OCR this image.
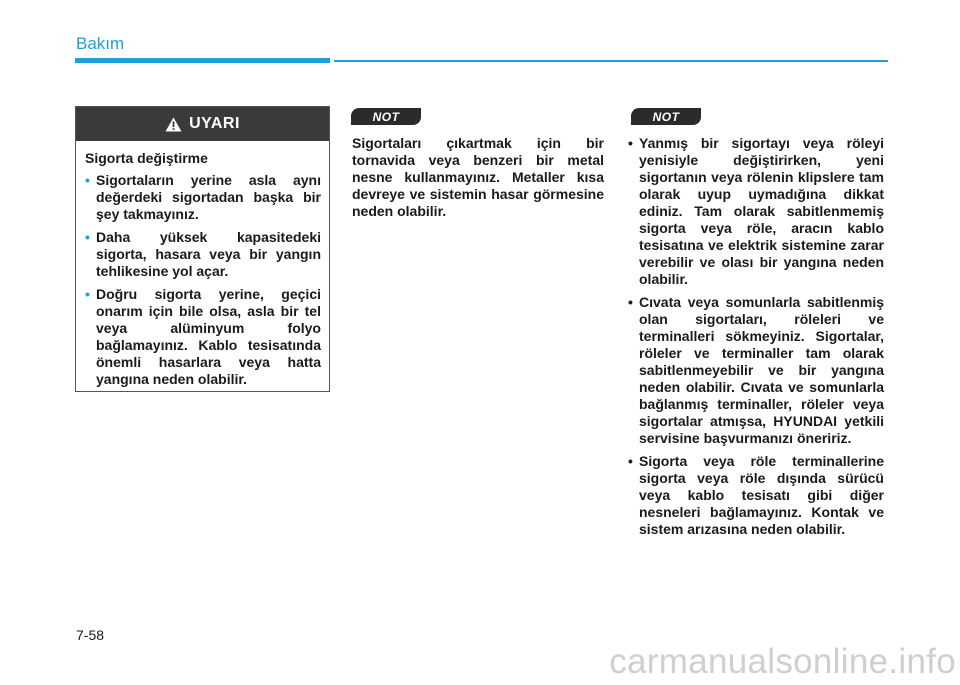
Bakım
UYARI
Sigorta değiştirme
• Sigortaların yerine asla aynı değerdeki sigortadan başka bir şey takmayınız.
• Daha yüksek kapasitedeki sigorta, hasara veya bir yangın tehlikesine yol açar.
• Doğru sigorta yerine, geçici onarım için bile olsa, asla bir tel veya alüminyum folyo bağlamayınız. Kablo tesisatında önemli hasarlara veya hatta yangına neden olabilir.
NOT
Sigortaları çıkartmak için bir tornavida veya benzeri bir metal nesne kullanmayınız. Metaller kısa devreye ve sistemin hasar görmesine neden olabilir.
NOT
• Yanmış bir sigortayı veya röleyi yenisiyle değiştirirken, yeni sigortanın veya rölenin klipslere tam olarak uyup uymadığına dikkat ediniz. Tam olarak sabitlenmemiş sigorta veya röle, aracın kablo tesisatına ve elektrik sistemine zarar verebilir ve olası bir yangına neden olabilir.
• Cıvata veya somunlarla sabitlenmiş olan sigortaları, röleleri ve terminalleri sökmeyiniz. Sigortalar, röleler ve terminaller tam olarak sabitlenmeyebilir ve bir yangına neden olabilir. Cıvata ve somunlarla bağlanmış terminaller, röleler veya sigortalar atmışsa, HYUNDAI yetkili servisine başvurmanızı öneririz.
• Sigorta veya röle terminallerine sigorta veya röle dışında sürücü veya kablo tesisatı gibi diğer nesneleri bağlamayınız. Kontak ve sistem arızasına neden olabilir.
7-58
carmanualsonline.info
